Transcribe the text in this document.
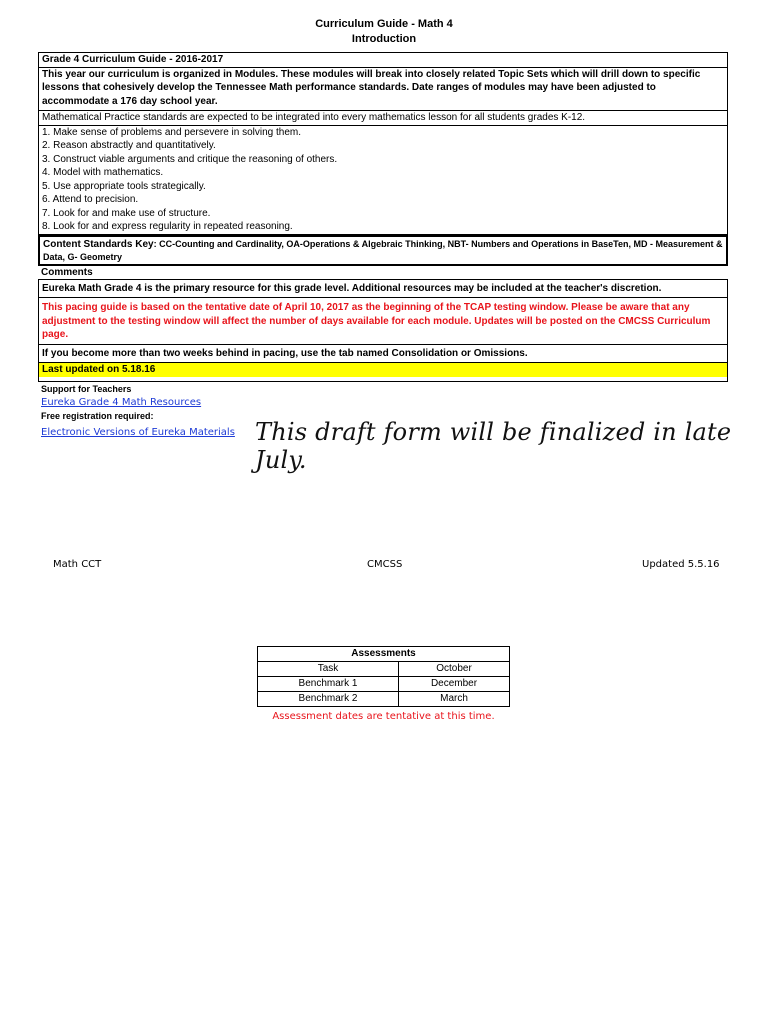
Curriculum Guide - Math 4
Introduction
Grade 4 Curriculum Guide - 2016-2017
This year our curriculum is organized in Modules. These modules will break into closely related Topic Sets which will drill down to specific lessons that cohesively develop the Tennessee Math performance standards. Date ranges of modules may have been adjusted to accommodate a 176 day school year.
Mathematical Practice standards are expected to be integrated into every mathematics lesson for all students grades K-12.
1. Make sense of problems and persevere in solving them.
2. Reason abstractly and quantitatively.
3. Construct viable arguments and critique the reasoning of others.
4. Model with mathematics.
5. Use appropriate tools strategically.
6. Attend to precision.
7. Look for and make use of structure.
8. Look for and express regularity in repeated reasoning.
Content Standards Key: CC-Counting and Cardinality, OA-Operations & Algebraic Thinking, NBT- Numbers and Operations in BaseTen, MD - Measurement & Data, G- Geometry
Comments
Eureka Math Grade 4 is the primary resource for this grade level. Additional resources may be included at the teacher's discretion.
This pacing guide is based on the tentative date of April 10, 2017 as the beginning of the TCAP testing window. Please be aware that any adjustment to the testing window will affect the number of days available for each module. Updates will be posted on the CMCSS Curriculum page.
If you become more than two weeks behind in pacing, use the tab named Consolidation or Omissions.
Last updated on 5.18.16
Support for Teachers
Eureka Grade 4 Math Resources
Free registration required:
Electronic Versions of Eureka Materials This draft form will be finalized in late July.
Math CCT	CMCSS	Updated 5.5.16
Assessments	
Task	October
Benchmark 1	December
Benchmark 2	March
Assessment dates are tentative at this time.
